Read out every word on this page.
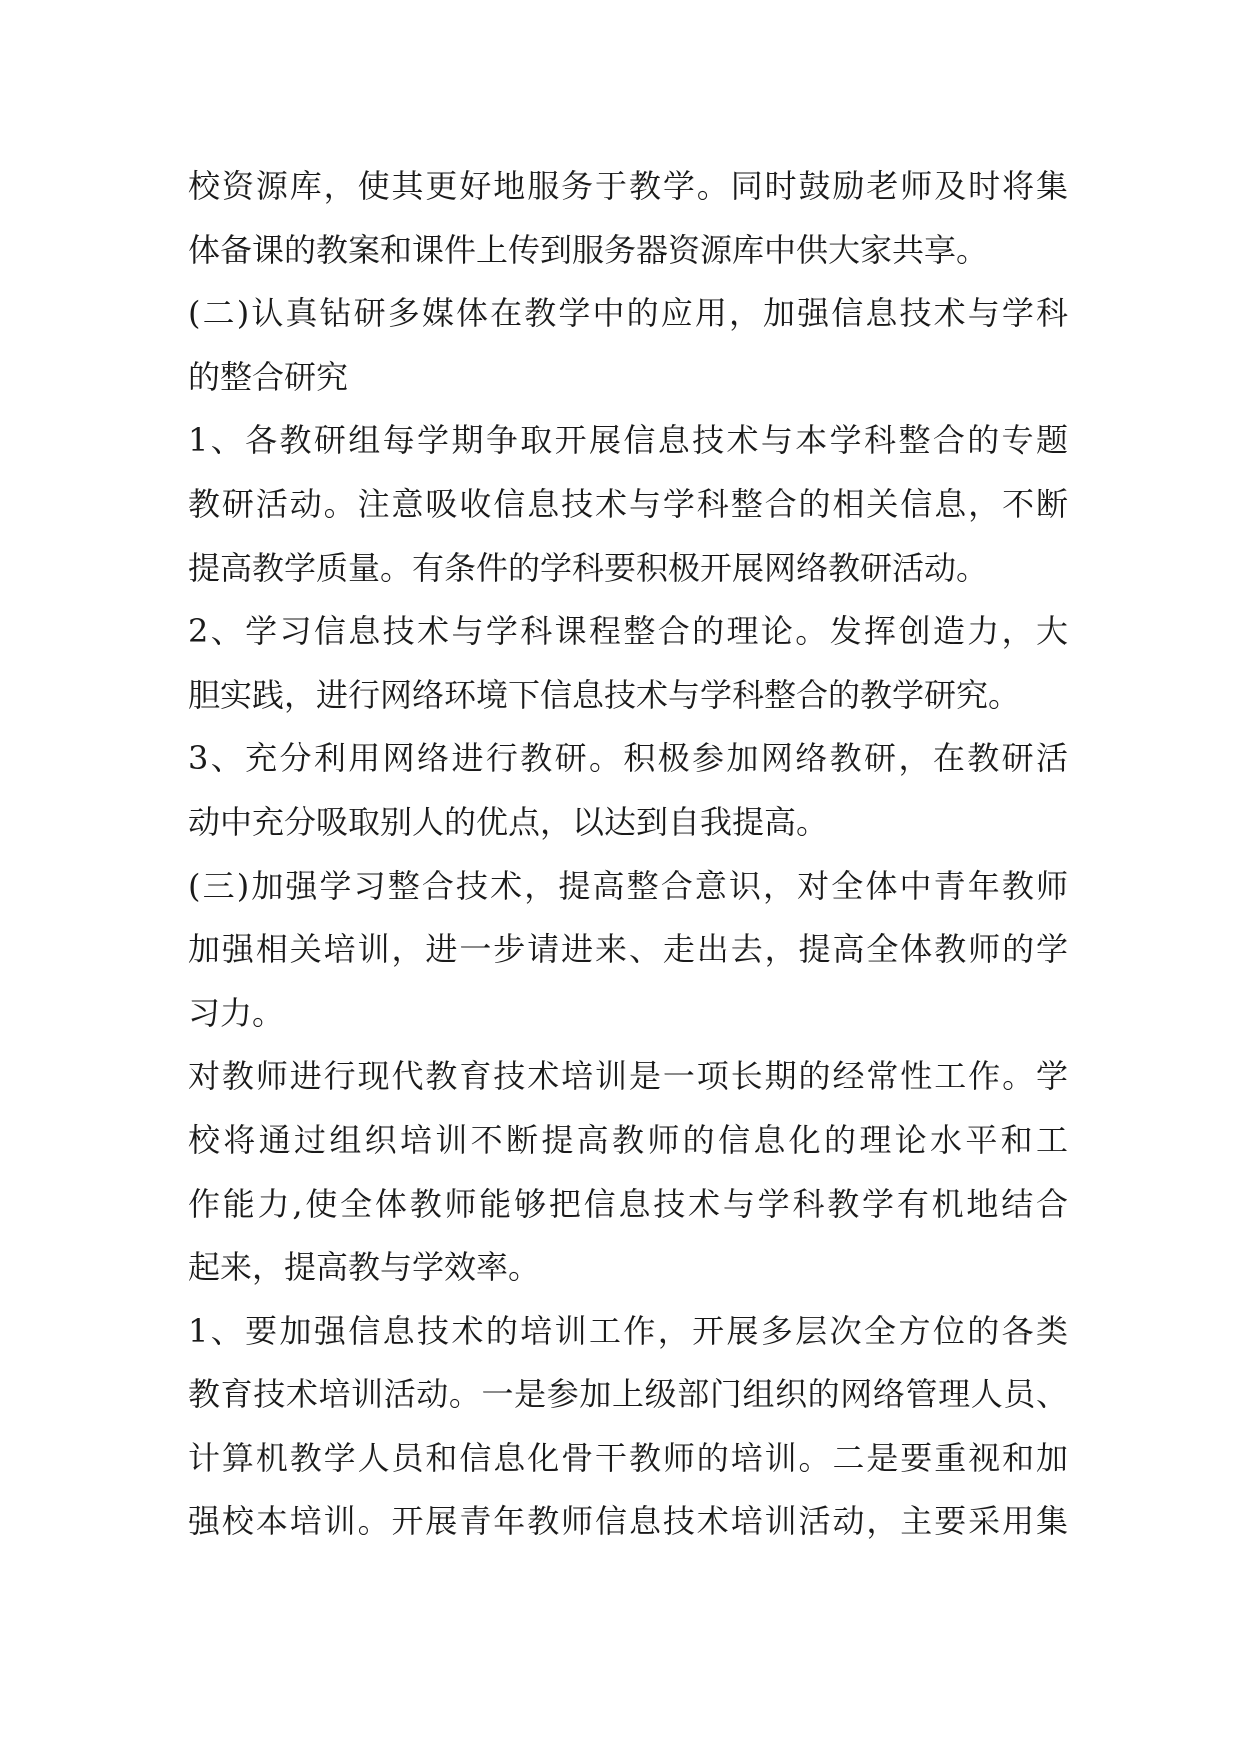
校资源库，使其更好地服务于教学。同时鼓励老师及时将集
体备课的教案和课件上传到服务器资源库中供大家共享。
(二)认真钻研多媒体在教学中的应用，加强信息技术与学科
的整合研究
1、各教研组每学期争取开展信息技术与本学科整合的专题
教研活动。注意吸收信息技术与学科整合的相关信息，不断
提高教学质量。有条件的学科要积极开展网络教研活动。
2、学习信息技术与学科课程整合的理论。发挥创造力，大
胆实践，进行网络环境下信息技术与学科整合的教学研究。
3、充分利用网络进行教研。积极参加网络教研，在教研活
动中充分吸取别人的优点，以达到自我提高。
(三)加强学习整合技术，提高整合意识，对全体中青年教师
加强相关培训，进一步请进来、走出去，提高全体教师的学
习力。
对教师进行现代教育技术培训是一项长期的经常性工作。学
校将通过组织培训不断提高教师的信息化的理论水平和工
作能力,使全体教师能够把信息技术与学科教学有机地结合
起来，提高教与学效率。
1、要加强信息技术的培训工作，开展多层次全方位的各类
教育技术培训活动。一是参加上级部门组织的网络管理人员、
计算机教学人员和信息化骨干教师的培训。二是要重视和加
强校本培训。开展青年教师信息技术培训活动，主要采用集
